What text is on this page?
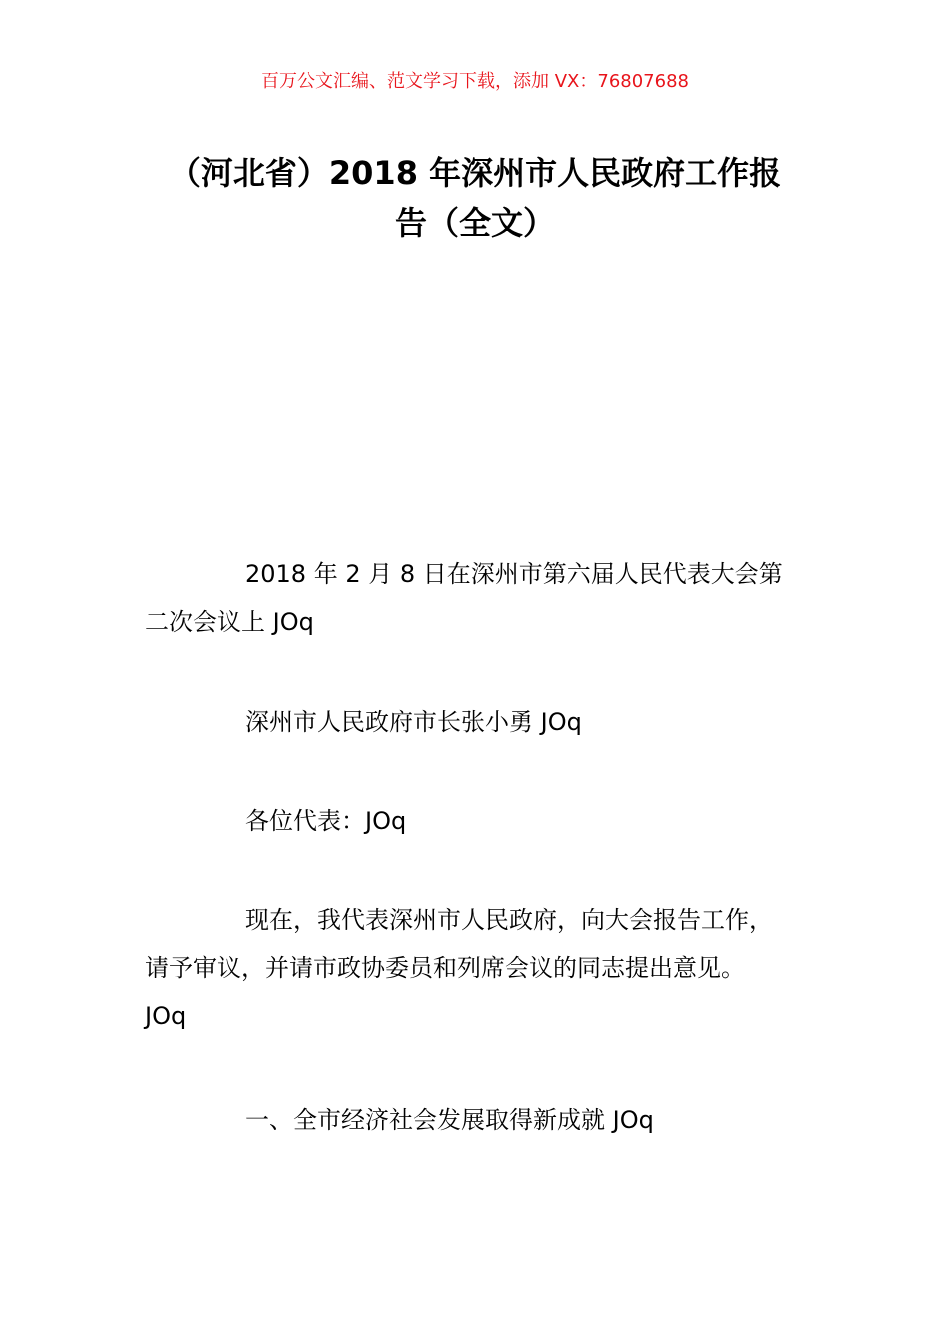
百万公文汇编、范文学习下载，添加 VX：76807688
（河北省）2018 年深州市人民政府工作报
告（全文）

2018 年 2 月 8 日在深州市第六届人民代表大会第
二次会议上 JOq

深州市人民政府市长张小勇 JOq

各位代表：JOq

现在，我代表深州市人民政府，向大会报告工作，
请予审议，并请市政协委员和列席会议的同志提出意见。
JOq

一、全市经济社会发展取得新成就 JOq
